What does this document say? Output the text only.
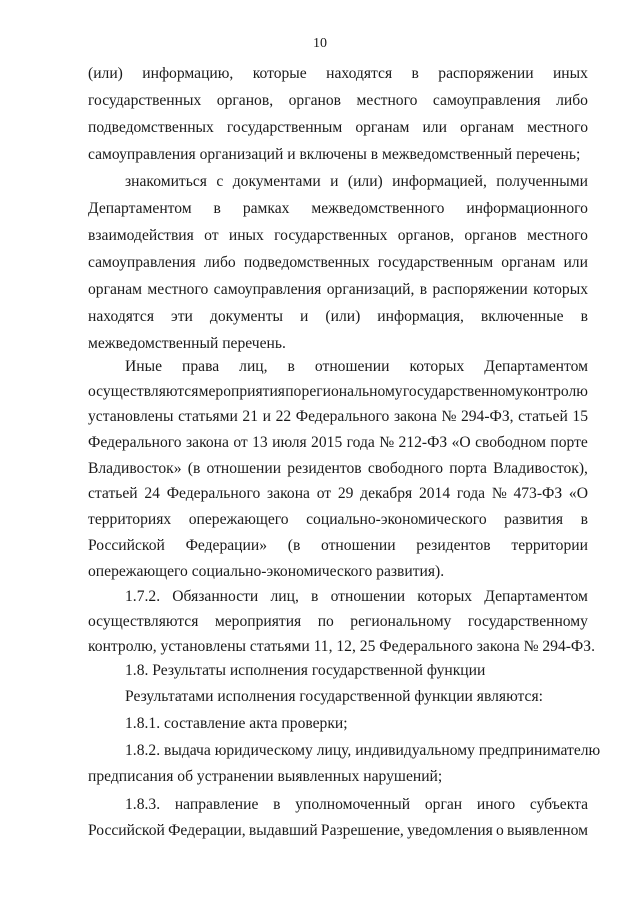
10
(или) информацию, которые находятся в распоряжении иных
государственных органов, органов местного самоуправления либо
подведомственных государственным органам или органам местного
самоуправления организаций и включены в межведомственный перечень;
знакомиться с документами и (или) информацией, полученными
Департаментом в рамках межведомственного информационного
взаимодействия от иных государственных органов, органов местного
самоуправления либо подведомственных государственным органам или
органам местного самоуправления организаций, в распоряжении которых
находятся эти документы и (или) информация, включенные в
межведомственный перечень.
Иные права лиц, в отношении которых Департаментом
осуществляются мероприятия по региональному государственному контролю
установлены статьями 21 и 22 Федерального закона № 294-ФЗ, статьей 15
Федерального закона от 13 июля 2015 года № 212-ФЗ «О свободном порте
Владивосток» (в отношении резидентов свободного порта Владивосток),
статьей 24 Федерального закона от 29 декабря 2014 года № 473-ФЗ «О
территориях опережающего социально-экономического развития в
Российской Федерации» (в отношении резидентов территории
опережающего социально-экономического развития).
1.7.2. Обязанности лиц, в отношении которых Департаментом
осуществляются мероприятия по региональному государственному
контролю, установлены статьями 11, 12, 25 Федерального закона № 294-ФЗ.
1.8. Результаты исполнения государственной функции
Результатами исполнения государственной функции являются:
1.8.1. составление акта проверки;
1.8.2. выдача юридическому лицу, индивидуальному предпринимателю
предписания об устранении выявленных нарушений;
1.8.3. направление в уполномоченный орган иного субъекта
Российской Федерации, выдавший Разрешение, уведомления о выявленном
